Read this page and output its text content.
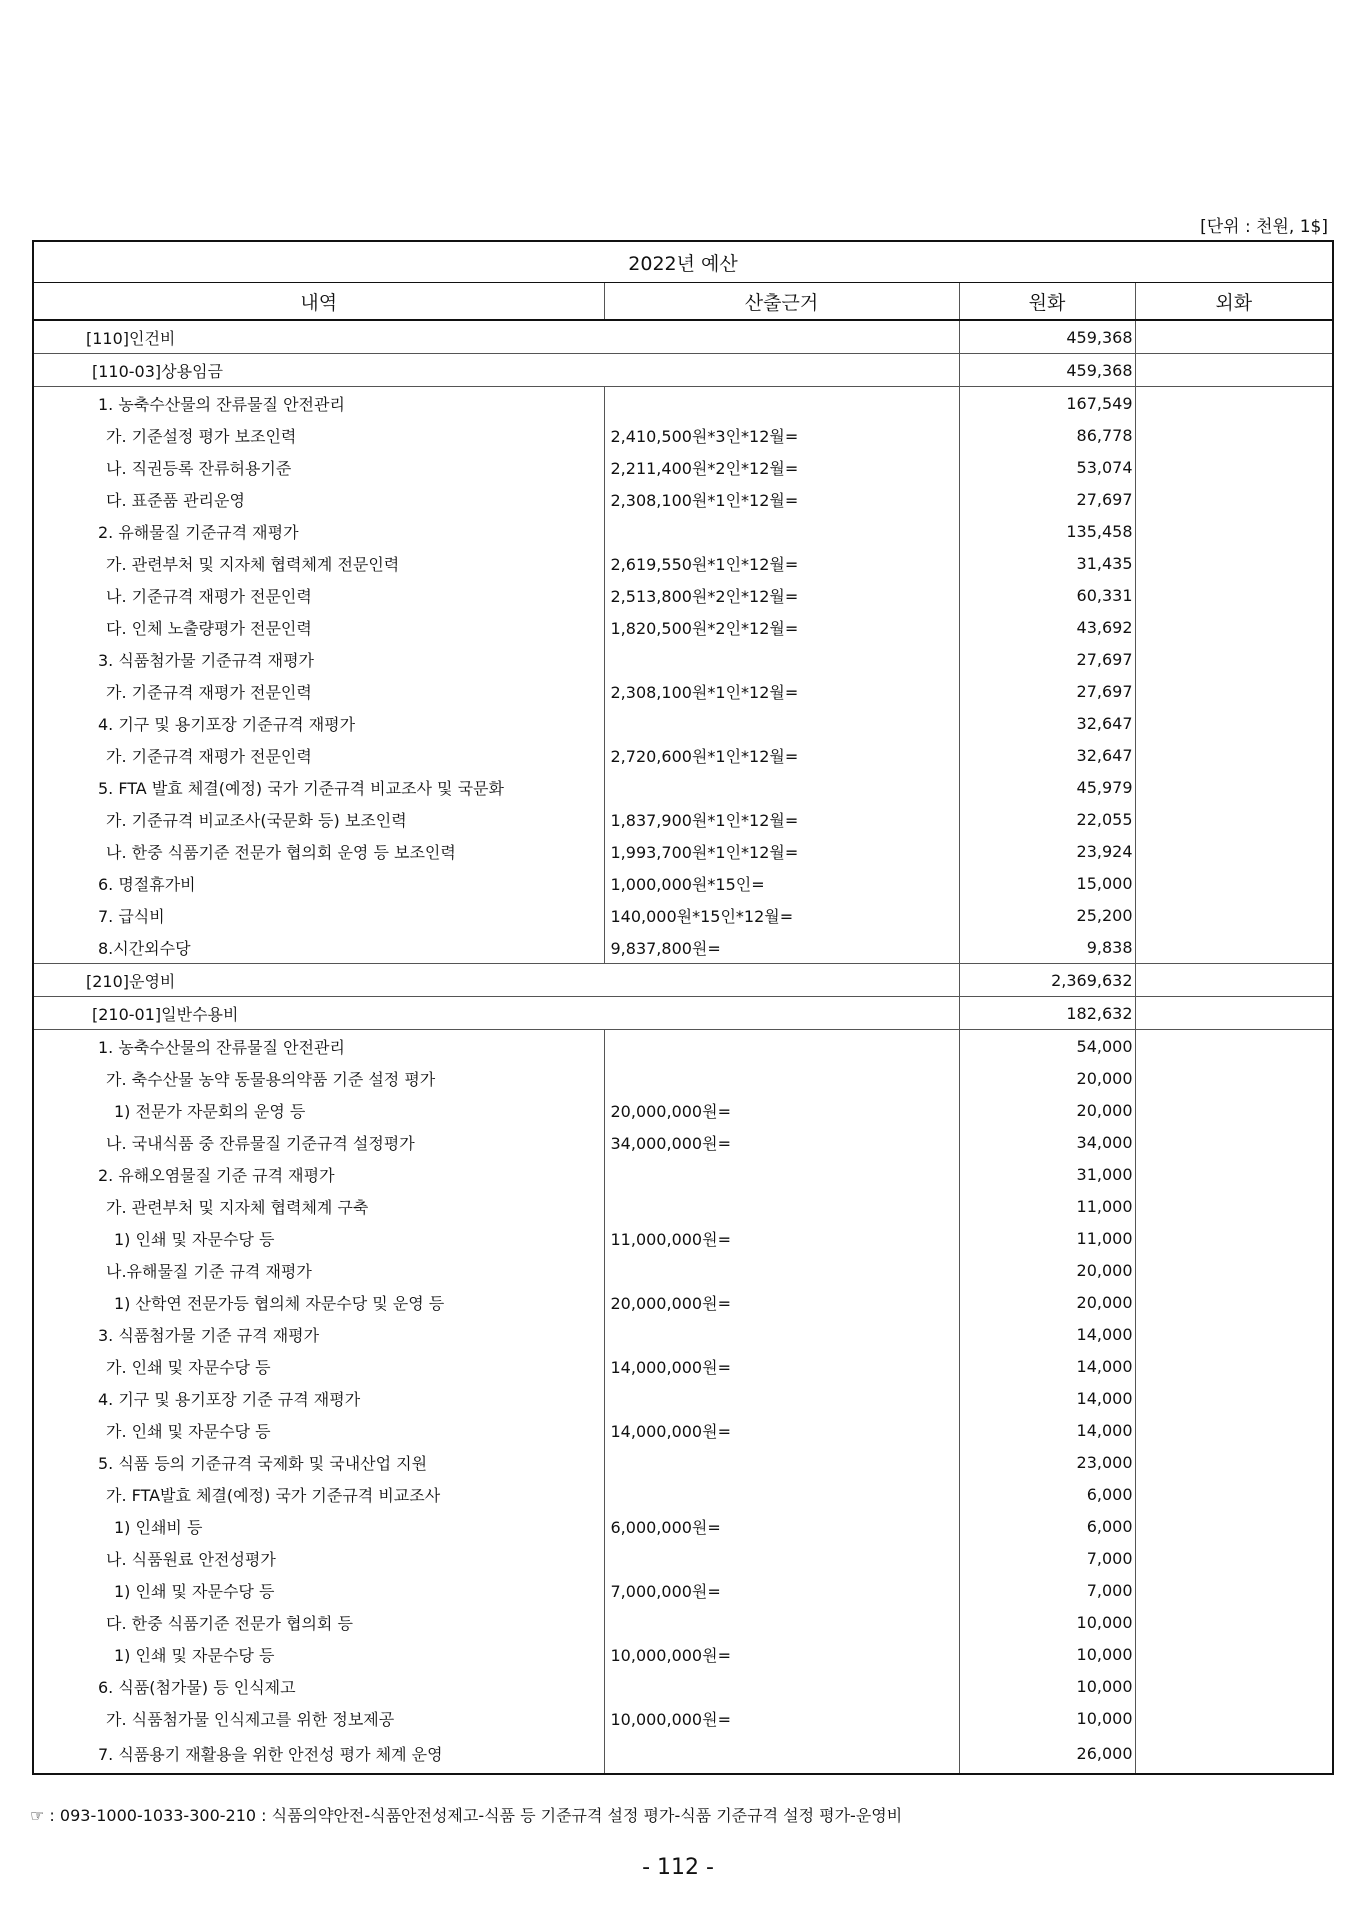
[단위 : 천원, 1$]
2022년 예산			
내역	산출근거	원화	외화
[110]인건비		459,368	
[110-03]상용임금		459,368	
1. 농축수산물의 잔류물질 안전관리		167,549	
가. 기준설정 평가 보조인력	2,410,500원*3인*12월=	86,778	
나. 직권등록 잔류허용기준	2,211,400원*2인*12월=	53,074	
다. 표준품 관리운영	2,308,100원*1인*12월=	27,697	
2. 유해물질 기준규격 재평가		135,458	
가. 관련부처 및 지자체 협력체계 전문인력	2,619,550원*1인*12월=	31,435	
나. 기준규격 재평가 전문인력	2,513,800원*2인*12월=	60,331	
다. 인체 노출량평가 전문인력	1,820,500원*2인*12월=	43,692	
3. 식품첨가물 기준규격 재평가		27,697	
가. 기준규격 재평가 전문인력	2,308,100원*1인*12월=	27,697	
4. 기구 및 용기포장 기준규격 재평가		32,647	
가. 기준규격 재평가 전문인력	2,720,600원*1인*12월=	32,647	
5. FTA 발효 체결(예정) 국가 기준규격 비교조사 및 국문화		45,979	
가. 기준규격 비교조사(국문화 등) 보조인력	1,837,900원*1인*12월=	22,055	
나. 한중 식품기준 전문가 협의회 운영 등 보조인력	1,993,700원*1인*12월=	23,924	
6. 명절휴가비	1,000,000원*15인=	15,000	
7. 급식비	140,000원*15인*12월=	25,200	
8.시간외수당	9,837,800원=	9,838	
[210]운영비		2,369,632	
[210-01]일반수용비		182,632	
1. 농축수산물의 잔류물질 안전관리		54,000	
가. 축수산물 농약 동물용의약품 기준 설정 평가		20,000	
1) 전문가 자문회의 운영 등	20,000,000원=	20,000	
나. 국내식품 중 잔류물질 기준규격 설정평가	34,000,000원=	34,000	
2. 유해오염물질 기준 규격 재평가		31,000	
가. 관련부처 및 지자체 협력체계 구축		11,000	
1) 인쇄 및 자문수당 등	11,000,000원=	11,000	
나.유해물질 기준 규격 재평가		20,000	
1) 산학연 전문가등 협의체 자문수당 및 운영 등	20,000,000원=	20,000	
3. 식품첨가물 기준 규격 재평가		14,000	
가. 인쇄 및 자문수당 등	14,000,000원=	14,000	
4. 기구 및 용기포장 기준 규격 재평가		14,000	
가. 인쇄 및 자문수당 등	14,000,000원=	14,000	
5. 식품 등의 기준규격 국제화 및 국내산업 지원		23,000	
가. FTA발효 체결(예정) 국가 기준규격 비교조사		6,000	
1) 인쇄비 등	6,000,000원=	6,000	
나. 식품원료 안전성평가		7,000	
1) 인쇄 및 자문수당 등	7,000,000원=	7,000	
다. 한중 식품기준 전문가 협의회 등		10,000	
1) 인쇄 및 자문수당 등	10,000,000원=	10,000	
6. 식품(첨가물) 등 인식제고		10,000	
가. 식품첨가물 인식제고를 위한 정보제공	10,000,000원=	10,000	
7. 식품용기 재활용을 위한 안전성 평가 체계 운영		26,000	
☞ : 093-1000-1033-300-210 : 식품의약안전-식품안전성제고-식품 등 기준규격 설정 평가-식품 기준규격 설정 평가-운영비
- 112 -
